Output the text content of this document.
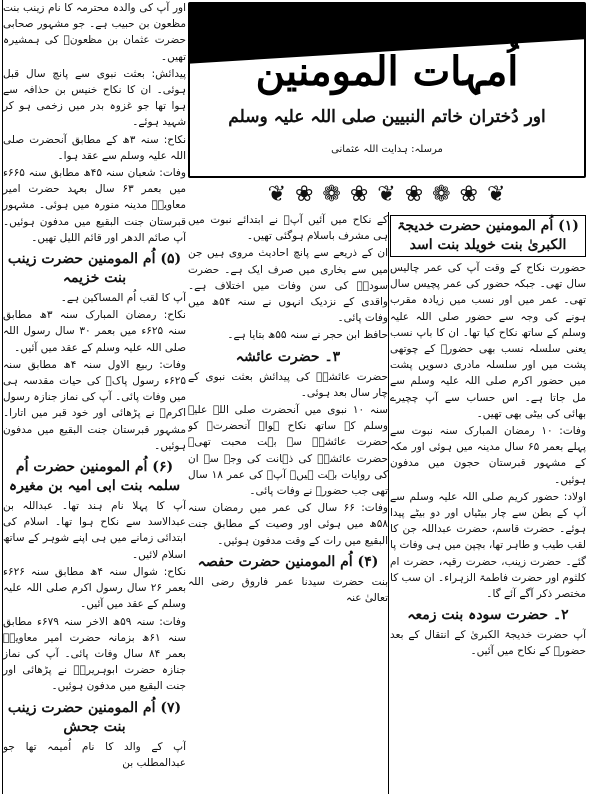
اُمہات المومنین
اور دُختران خاتم النبیین صلی اللہ علیہ وسلم
مرسلہ: ہدایت اللہ عثمانی
❦ ❀ ❁ ❀ ❦ ❀ ❁ ❀ ❦
(۱) اُم المومنین حضرت خدیجۃ الکبریٰ بنت خویلد بنت اسد

حضورت نکاح کے وقت آپ کی عمر چالیس سال تھی۔ جبکہ حضور کی عمر پچیس سال تھی۔ عمر میں اور نسب میں زیادہ مقرب ہونے کی وجہ سے حضور صلی اللہ علیہ وسلم کے ساتھ نکاح کیا تھا۔ ان کا باپ نسب یعنی سلسلہ نسب بھی حضورؐ کے چوتھی پشت میں اور سلسلہ مادری دسویں پشت میں حضور اکرم صلی اللہ علیہ وسلم سے مل جاتا ہے۔ اس حساب سے آپ چچیرے بھائی کی بیٹی بھی تھیں۔

وفات: ۱۰ رمضان المبارک سنہ نبوت سے پہلے بعمر ۶۵ سال مدینہ میں ہوئی اور مکہ کے مشہور قبرستان حجون میں مدفون ہوئیں۔

اولاد: حضور کریم صلی اللہ علیہ وسلم سے آپ کے بطن سے چار بیٹیاں اور دو بیٹے پیدا ہوئے۔ حضرت قاسم، حضرت عبداللہ جن کا لقب طیب و طاہر تھا، بچپن میں ہی وفات پا گئے۔ حضرت زینب، حضرت رقیہ، حضرت ام کلثوم اور حضرت فاطمۃ الزہراء۔ ان سب کا مختصر ذکر آگے آئے گا۔

۲۔ حضرت سودہ بنت زمعہ

آپ حضرت خدیجۃ الکبریٰ کے انتقال کے بعد حضورؐ کے نکاح میں آئیں۔

کے نکاح میں آئیں آپؓ نے ابتدائے نبوت میں ہی مشرف باسلام ہوگئی تھیں۔

ان کے ذریعے سے پانچ احادیث مروی ہیں جن میں سے بخاری میں صرف ایک ہے۔ حضرت سودہؓ کی سن وفات میں اختلاف ہے۔ واقدی کے نزدیک انہوں نے سنہ ۵۴ھ میں وفات پائی۔

حافظ ابن حجر نے سنہ ۵۵ھ بتایا ہے۔

۳۔ حضرت عائشہ

حضرت عائشہؓ کی پیدائش بعثت نبوی کے چار سال بعد ہوئی۔

سنہ ۱۰ نبوی میں آنحضرت صلی اللہ علیہ وسلم کے ساتھ نکاح ہوا۔ آنحضرتؐ کو حضرت عائشہؓ سے بہت محبت تھی۔ حضرت عائشہؓ کی ذہانت کی وجہ سے ان کی روایات بہت ہیں۔ آپؓ کی عمر ۱۸ سال تھی جب حضورؐ نے وفات پائی۔

وفات: ۶۶ سال کی عمر میں رمضان سنہ ۵۸ھ میں ہوئی اور وصیت کے مطابق جنت البقیع میں رات کے وقت مدفون ہوئیں۔

(۴) اُم المومنین حضرت حفصہ

بنت حضرت سیدنا عمر فاروق رضی اللہ تعالیٰ عنہ

اور آپ کی والدہ محترمہ کا نام زینب بنت مظعون بن حبیب ہے۔ جو مشہور صحابی حضرت عثمان بن مظعونؓ کی ہمشیرہ تھیں۔

پیدائش: بعثت نبوی سے پانچ سال قبل ہوئی۔ ان کا نکاح خنیس بن حذافہ سے ہوا تھا جو غزوہ بدر میں زخمی ہو کر شہید ہوئے۔

نکاح: سنہ ۳ھ کے مطابق آنحضرت صلی اللہ علیہ وسلم سے عقد ہوا۔

وفات: شعبان سنہ ۴۵ھ مطابق سنہ ۶۶۵ء میں بعمر ۶۳ سال بعہد حضرت امیر معاویہؓ مدینہ منورہ میں ہوئی۔ مشہور قبرستان جنت البقیع میں مدفون ہوئیں۔ آپ صائم الدھر اور قائم اللیل تھیں۔

(۵) اُم المومنین حضرت زینب بنت خزیمہ

آپ کا لقب اُم المساکین ہے۔

نکاح: رمضان المبارک سنہ ۳ھ مطابق سنہ ۶۲۵ء میں بعمر ۳۰ سال رسول اللہ صلی اللہ علیہ وسلم کے عقد میں آئیں۔

وفات: ربیع الاول سنہ ۴ھ مطابق سنہ ۶۲۵ء رسول پاکؐ کی حیات مقدسہ ہی میں وفات پائی۔ آپ کی نماز جنازہ رسول اکرمؐ نے پڑھائی اور خود قبر میں اتارا۔ مشہور قبرستان جنت البقیع میں مدفون ہوئیں۔

(۶) اُم المومنین حضرت اُم سلمہ بنت ابی امیہ بن مغیرہ

آپ کا پہلا نام ہند تھا۔ عبداللہ بن عبدالاسد سے نکاح ہوا تھا۔ اسلام کی ابتدائی زمانے میں ہی اپنے شوہر کے ساتھ اسلام لائیں۔

نکاح: شوال سنہ ۴ھ مطابق سنہ ۶۲۶ء بعمر ۲۶ سال رسول اکرم صلی اللہ علیہ وسلم کے عقد میں آئیں۔

وفات: سنہ ۵۹ھ الاخر سنہ ۶۷۹ء مطابق سنہ ۶۱ھ بزمانہ حضرت امیر معاویہؓ بعمر ۸۴ سال وفات پائی۔ آپ کی نماز جنازہ حضرت ابوہریرہؓ نے پڑھائی اور جنت البقیع میں مدفون ہوئیں۔

(۷) اُم المومنین حضرت زینب بنت جحش

آپ کے والد کا نام اُمیمہ تھا جو عبدالمطلب بن
